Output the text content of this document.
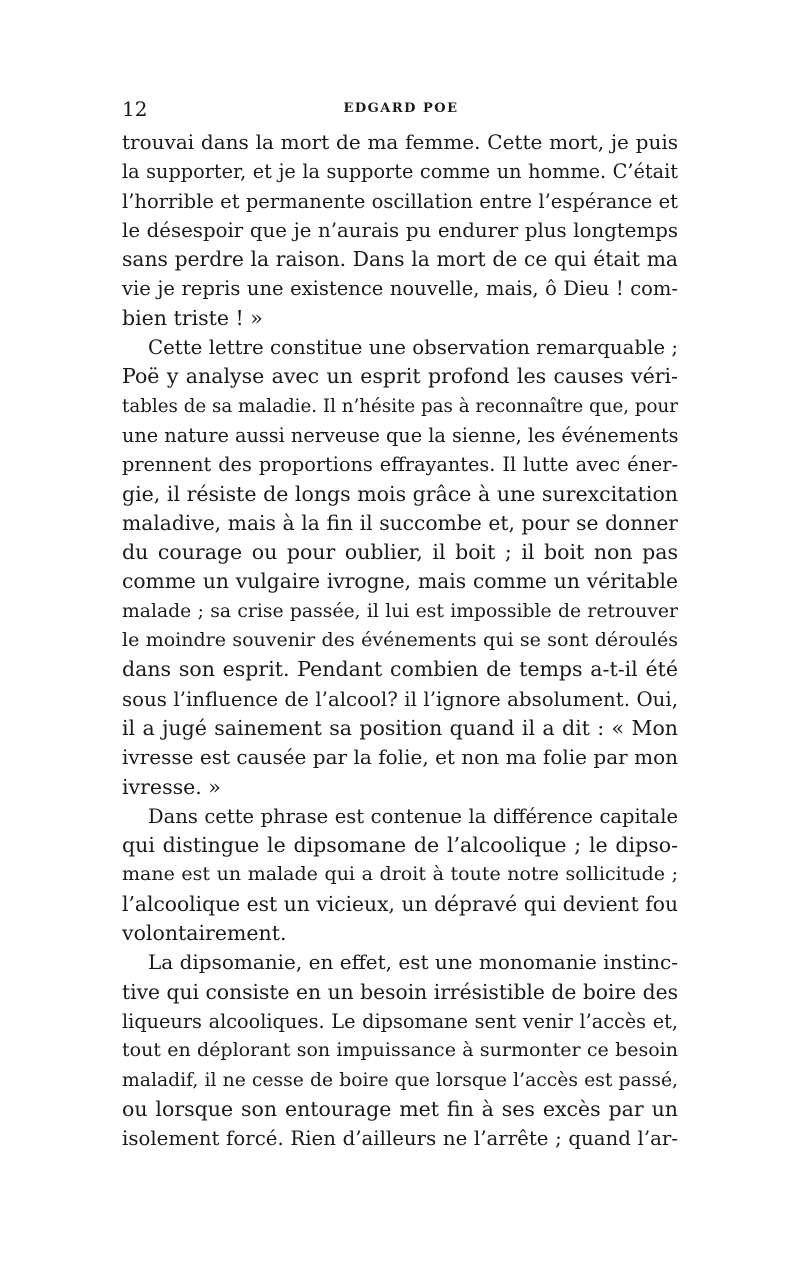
12	EDGARD POE
trouvai dans la mort de ma femme. Cette mort, je puis
la supporter, et je la supporte comme un homme. C’était
l’horrible et permanente oscillation entre l’espérance et
le désespoir que je n’aurais pu endurer plus longtemps
sans perdre la raison. Dans la mort de ce qui était ma
vie je repris une existence nouvelle, mais, ô Dieu ! com-
bien triste ! »
Cette lettre constitue une observation remarquable ;
Poë y analyse avec un esprit profond les causes véri-
tables de sa maladie. Il n’hésite pas à reconnaître que, pour
une nature aussi nerveuse que la sienne, les événements
prennent des proportions effrayantes. Il lutte avec éner-
gie, il résiste de longs mois grâce à une surexcitation
maladive, mais à la fin il succombe et, pour se donner
du courage ou pour oublier, il boit ; il boit non pas
comme un vulgaire ivrogne, mais comme un véritable
malade ; sa crise passée, il lui est impossible de retrouver
le moindre souvenir des événements qui se sont déroulés
dans son esprit. Pendant combien de temps a-t-il été
sous l’influence de l’alcool? il l’ignore absolument. Oui,
il a jugé sainement sa position quand il a dit : « Mon
ivresse est causée par la folie, et non ma folie par mon
ivresse. »
Dans cette phrase est contenue la différence capitale
qui distingue le dipsomane de l’alcoolique ; le dipso-
mane est un malade qui a droit à toute notre sollicitude ;
l’alcoolique est un vicieux, un dépravé qui devient fou
volontairement.
La dipsomanie, en effet, est une monomanie instinc-
tive qui consiste en un besoin irrésistible de boire des
liqueurs alcooliques. Le dipsomane sent venir l’accès et,
tout en déplorant son impuissance à surmonter ce besoin
maladif, il ne cesse de boire que lorsque l’accès est passé,
ou lorsque son entourage met fin à ses excès par un
isolement forcé. Rien d’ailleurs ne l’arrête ; quand l’ar-
